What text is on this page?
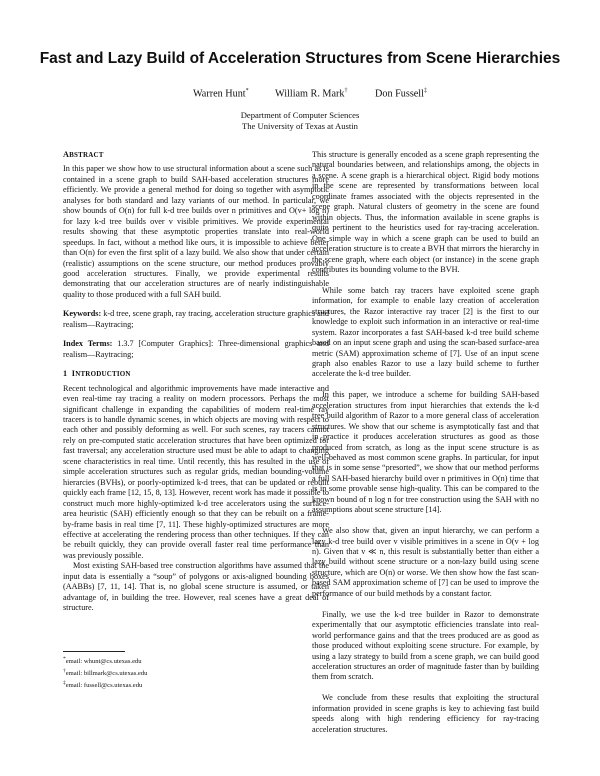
Fast and Lazy Build of Acceleration Structures from Scene Hierarchies
Warren Hunt*	William R. Mark†	Don Fussell‡
Department of Computer Sciences
The University of Texas at Austin
ABSTRACT

In this paper we show how to use structural information about a scene such as is contained in a scene graph to build SAH-based acceleration structures more efficiently. We provide a general method for doing so together with asymptotic analyses for both standard and lazy variants of our method. In particular, we show bounds of O(n) for full k-d tree builds over n primitives and O(v+ log n) for lazy k-d tree builds over v visible primitives. We provide experimental results showing that these asymptotic properties translate into real-world speedups. In fact, without a method like ours, it is impossible to achieve better than O(n) for even the first split of a lazy build. We also show that under certain (realistic) assumptions on the scene structure, our method produces provably good acceleration structures. Finally, we provide experimental results demonstrating that our acceleration structures are of nearly indistinguishable quality to those produced with a full SAH build.

Keywords: k-d tree, scene graph, ray tracing, acceleration structure graphics and realism—Raytracing;

Index Terms: 1.3.7 [Computer Graphics]: Three-dimensional graphics and realism—Raytracing;

1 INTRODUCTION

Recent technological and algorithmic improvements have made interactive and even real-time ray tracing a reality on modern processors. Perhaps the most significant challenge in expanding the capabilities of modern real-time ray tracers is to handle dynamic scenes, in which objects are moving with respect to each other and possibly deforming as well. For such scenes, ray tracers cannot rely on pre-computed static acceleration structures that have been optimized for fast traversal; any acceleration structure used must be able to adapt to changing scene characteristics in real time. Until recently, this has resulted in the use of simple acceleration structures such as regular grids, median bounding-volume hierarcies (BVHs), or poorly-optimized k-d trees, that can be updated or rebuilt quickly each frame [12, 15, 8, 13]. However, recent work has made it possible to construct much more highly-optimized k-d tree accelerators using the surface-area heuristic (SAH) efficiently enough so that they can be rebuilt on a frame-by-frame basis in real time [7, 11]. These highly-optimized structures are more effective at accelerating the rendering process than other techniques. If they can be rebuilt quickly, they can provide overall faster real time performance than was previously possible.

Most existing SAH-based tree construction algorithms have assumed that the input data is essentially a “soup” of polygons or axis-aligned bounding boxes (AABBs) [7, 11, 14]. That is, no global scene structure is assumed, or taken advantage of, in building the tree. However, real scenes have a great deal of structure.

*email: whunt@cs.utexas.edu
†email: billmark@cs.utexas.edu
‡email: fussell@cs.utexas.edu

This structure is generally encoded as a scene graph representing the natural boundaries between, and relationships among, the objects in a scene. A scene graph is a hierarchical object. Rigid body motions in the scene are represented by transformations between local coordinate frames associated with the objects represented in the scene graph. Natural clusters of geometry in the scene are found within objects. Thus, the information available in scene graphs is quite pertinent to the heuristics used for ray-tracing acceleration. One simple way in which a scene graph can be used to build an acceleration structure is to create a BVH that mirrors the hierarchy in the scene graph, where each object (or instance) in the scene graph contributes its bounding volume to the BVH.

While some batch ray tracers have exploited scene graph information, for example to enable lazy creation of acceleration structures, the Razor interactive ray tracer [2] is the first to our knowledge to exploit such information in an interactive or real-time system. Razor incorporates a fast SAH-based k-d tree build scheme based on an input scene graph and using the scan-based surface-area metric (SAM) approximation scheme of [7]. Use of an input scene graph also enables Razor to use a lazy build scheme to further accelerate the k-d tree builder.

In this paper, we introduce a scheme for building SAH-based acceleration structures from input hierarchies that extends the k-d tree build algorithm of Razor to a more general class of acceleration structures. We show that our scheme is asymptotically fast and that in practice it produces acceleration structures as good as those produced from scratch, as long as the input scene structure is as well-behaved as most common scene graphs. In particular, for input that is in some sense “presorted”, we show that our method performs a full SAH-based hierarchy build over n primitives in O(n) time that is in some provable sense high-quality. This can be compared to the known bound of n log n for tree construction using the SAH with no assumptions about scene structure [14].

We also show that, given an input hierarchy, we can perform a lazy k-d tree build over v visible primitives in a scene in O(v + log n). Given that v ≪ n, this result is substantially better than either a lazy build without scene structure or a non-lazy build using scene structure, which are O(n) or worse. We then show how the fast scan-based SAM approximation scheme of [7] can be used to improve the performance of our build methods by a constant factor.

Finally, we use the k-d tree builder in Razor to demonstrate experimentally that our asymptotic efficiencies translate into real-world performance gains and that the trees produced are as good as those produced without exploiting scene structure. For example, by using a lazy strategy to build from a scene graph, we can build good acceleration structures an order of magnitude faster than by building them from scratch.

We conclude from these results that exploiting the structural information provided in scene graphs is key to achieving fast build speeds along with high rendering efficiency for ray-tracing acceleration structures.
